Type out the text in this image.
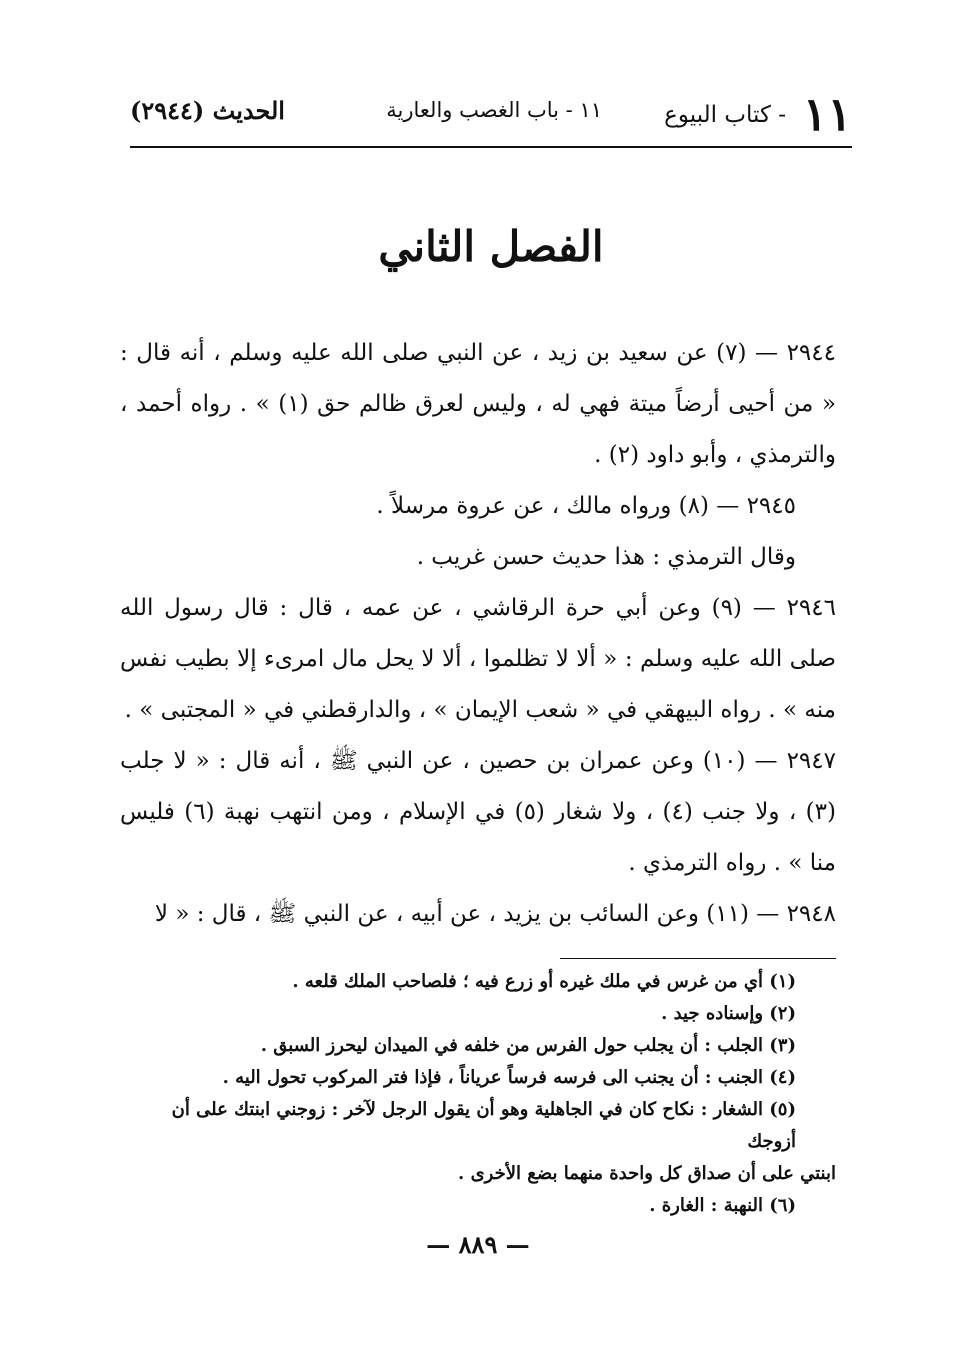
١١
- كتاب البيوع
١١ - باب الغصب والعارية
الحديث (٢٩٤٤)
الفصل الثاني

٢٩٤٤ — (٧) عن سعيد بن زيد ، عن النبي صلى الله عليه وسلم ، أنه قال : « من أحيى أرضاً ميتة فهي له ، وليس لعرق ظالم حق (١) » . رواه أحمد ، والترمذي ، وأبو داود (٢) .

٢٩٤٥ — (٨) ورواه مالك ، عن عروة مرسلاً .

وقال الترمذي : هذا حديث حسن غريب .

٢٩٤٦ — (٩) وعن أبي حرة الرقاشي ، عن عمه ، قال : قال رسول الله صلى الله عليه وسلم : « ألا لا تظلموا ، ألا لا يحل مال امرىء إلا بطيب نفس منه » . رواه البيهقي في « شعب الإيمان » ، والدارقطني في « المجتبى » .

٢٩٤٧ — (١٠) وعن عمران بن حصين ، عن النبي ﷺ ، أنه قال : « لا جلب (٣) ، ولا جنب (٤) ، ولا شغار (٥) في الإسلام ، ومن انتهب نهبة (٦) فليس منا » . رواه الترمذي .

٢٩٤٨ — (١١) وعن السائب بن يزيد ، عن أبيه ، عن النبي ﷺ ، قال : « لا

(١) أي من غرس في ملك غيره أو زرع فيه ؛ فلصاحب الملك قلعه .

(٢) وإسناده جيد .

(٣) الجلب : أن يجلب حول الفرس من خلفه في الميدان ليحرز السبق .

(٤) الجنب : أن يجنب الى فرسه فرساً عرياناً ، فإذا فتر المركوب تحول اليه .

(٥) الشغار : نكاح كان في الجاهلية وهو أن يقول الرجل لآخر : زوجني ابنتك على أن أزوجك

ابنتي على أن صداق كل واحدة منهما بضع الأخرى .

(٦) النهبة : الغارة .

— ٨٨٩ —
